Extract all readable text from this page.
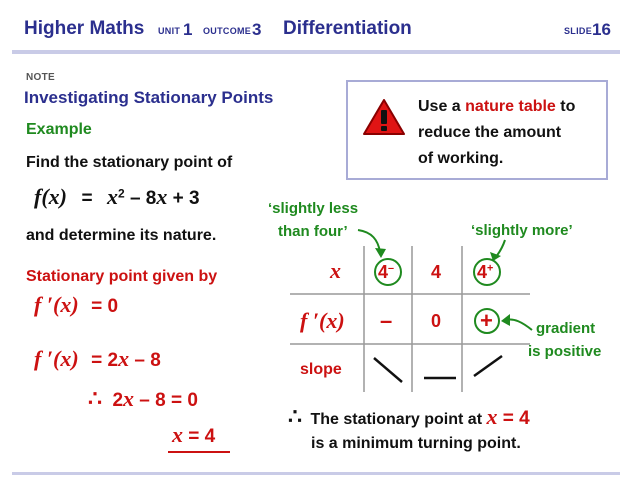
Higher Maths UNIT 1 OUTCOME 3 Differentiation	SLIDE 16
NOTE
Investigating Stationary Points
Example
Find the stationary point of
$f(x) = x^2 - 8x + 3$
and determine its nature.
Use a nature table to
reduce the amount
of working.
Stationary point given by
f ′(x) = 0
f ′(x) = 2x – 8
∴ 2x – 8 = 0
x = 4
‘slightly less
than four’	‘slightly more’
gradient
is positive
x
f ′(x)
slope
4– 4 4+
– 0 +
∴ The stationary point at x = 4
is a minimum turning point.
